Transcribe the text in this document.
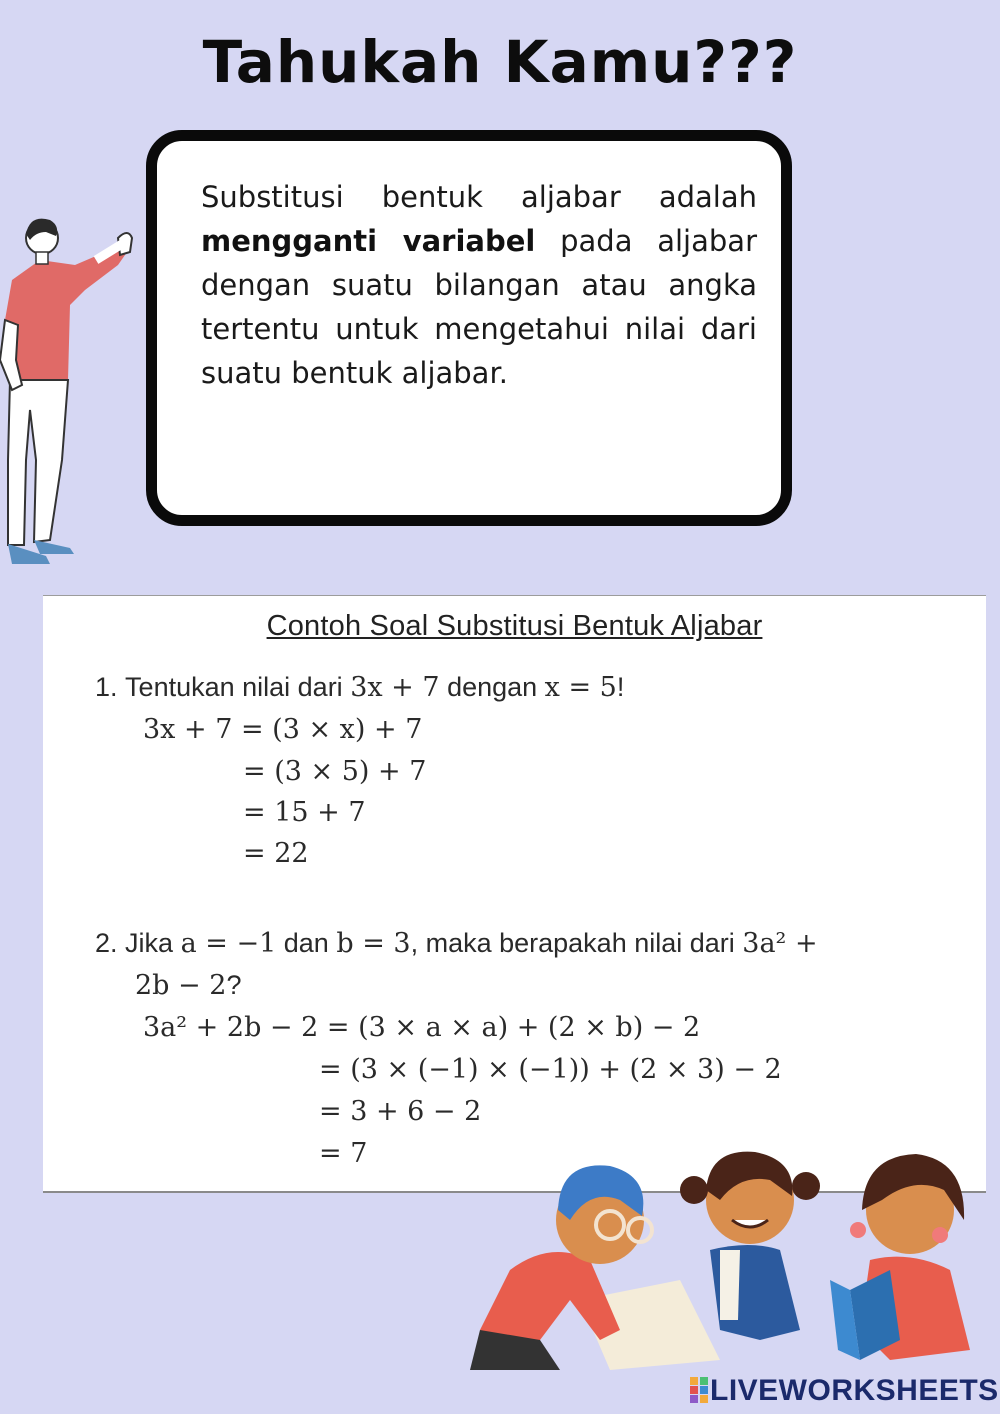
Tahukah Kamu???
Substitusi bentuk aljabar adalah mengganti variabel pada aljabar dengan suatu bilangan atau angka tertentu untuk mengetahui nilai dari suatu bentuk aljabar.
Contoh Soal Substitusi Bentuk Aljabar
1. Tentukan nilai dari 3x + 7 dengan x = 5!
3x + 7 = (3 × x) + 7
= (3 × 5) + 7
= 15 + 7
= 22
2. Jika a = −1 dan b = 3, maka berapakah nilai dari 3a² +
2b − 2?
3a² + 2b − 2 = (3 × a × a) + (2 × b) − 2
= (3 × (−1) × (−1)) + (2 × 3) − 2
= 3 + 6 − 2
= 7
LIVEWORKSHEETS
